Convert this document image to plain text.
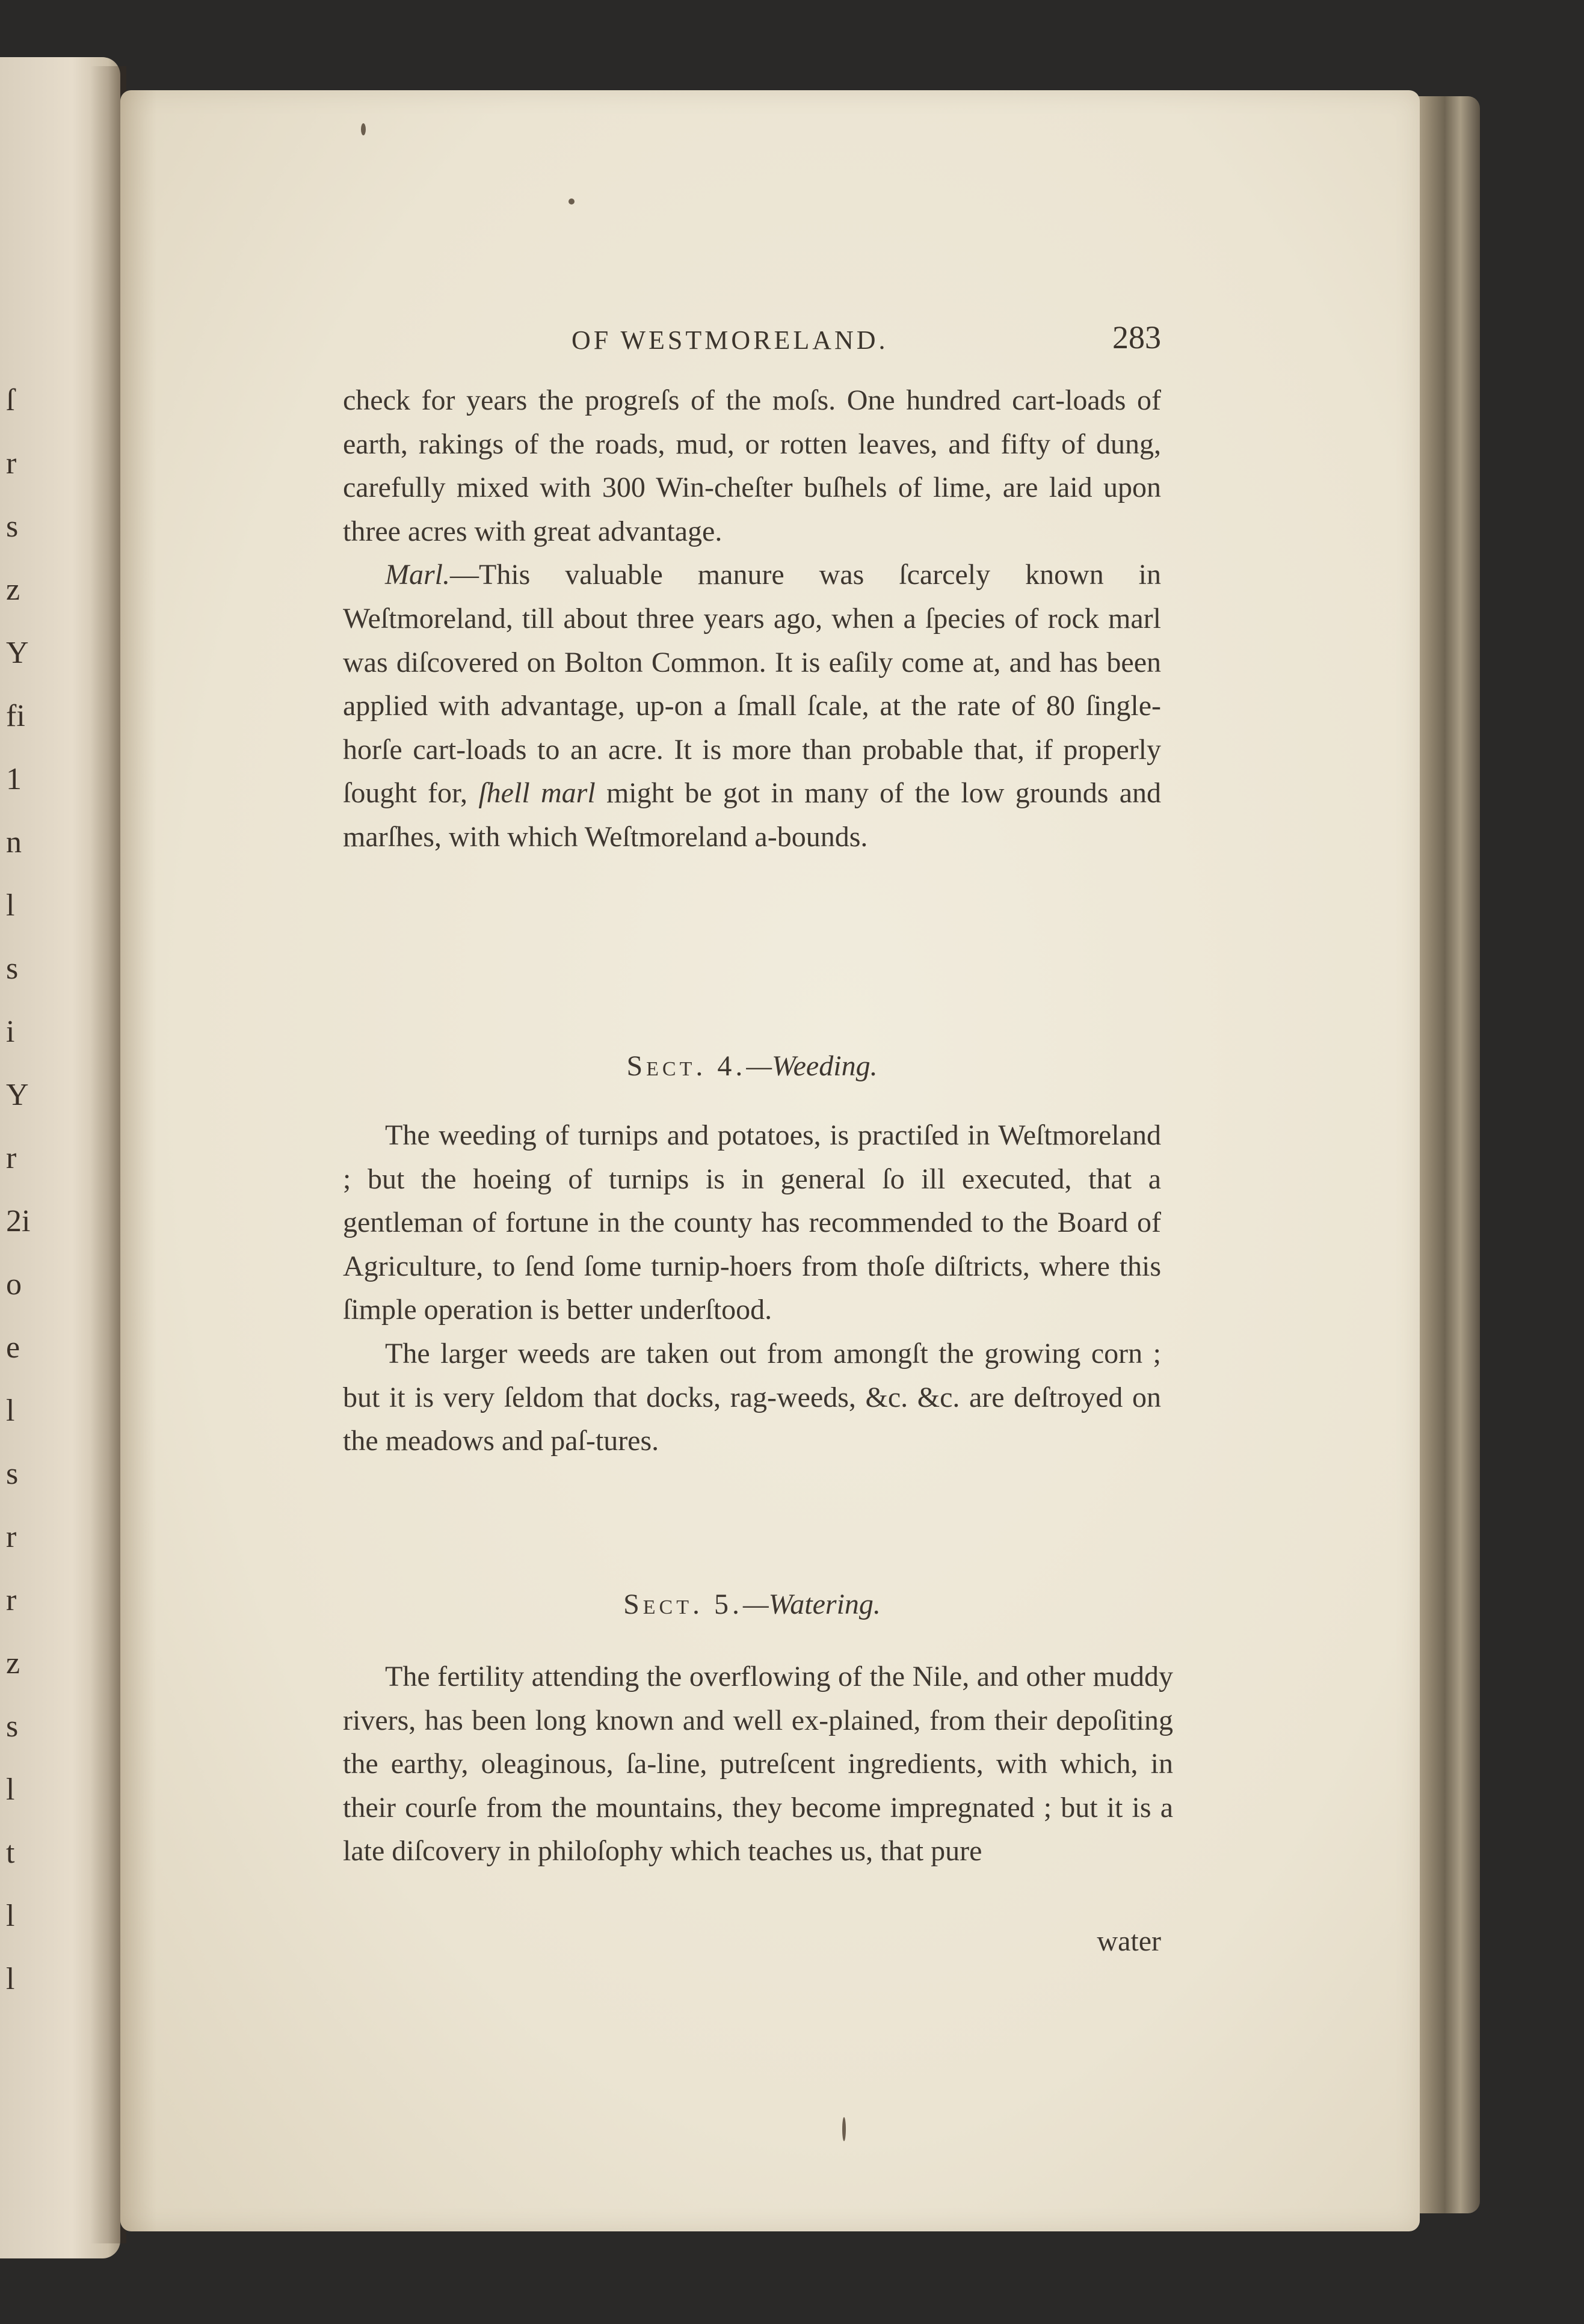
ſ
r
s
z
Y
fi
1
n
l
s
i
Y
r
2i
o
e
l
s
r
r
z
s
l
t
l
l
OF WESTMORELAND.	283

check for years the progreſs of the moſs. One hundred cart-loads of earth, rakings of the roads, mud, or rotten leaves, and fifty of dung, carefully mixed with 300 Win-cheſter buſhels of lime, are laid upon three acres with great advantage.

Marl.—This valuable manure was ſcarcely known in Weſtmoreland, till about three years ago, when a ſpecies of rock marl was diſcovered on Bolton Common. It is eaſily come at, and has been applied with advantage, up-on a ſmall ſcale, at the rate of 80 ſingle-horſe cart-loads to an acre. It is more than probable that, if properly ſought for, ſhell marl might be got in many of the low grounds and marſhes, with which Weſtmoreland a-bounds.

Sect. 4.—Weeding.

The weeding of turnips and potatoes, is practiſed in Weſtmoreland ; but the hoeing of turnips is in general ſo ill executed, that a gentleman of fortune in the county has recommended to the Board of Agriculture, to ſend ſome turnip-hoers from thoſe diſtricts, where this ſimple operation is better underſtood.

The larger weeds are taken out from amongſt the growing corn ; but it is very ſeldom that docks, rag-weeds, &c. &c. are deſtroyed on the meadows and paſ-tures.

Sect. 5.—Watering.

The fertility attending the overflowing of the Nile, and other muddy rivers, has been long known and well ex-plained, from their depoſiting the earthy, oleaginous, ſa-line, putreſcent ingredients, with which, in their courſe from the mountains, they become impregnated ; but it is a late diſcovery in philoſophy which teaches us, that pure

water
